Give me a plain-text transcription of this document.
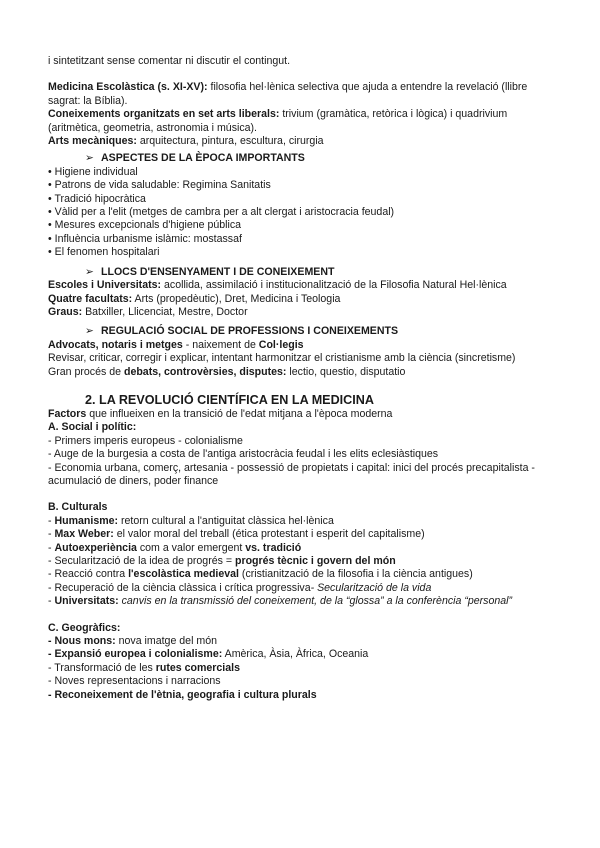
i sintetitzant sense comentar ni discutir el contingut.

Medicina Escolàstica (s. XI-XV): filosofia hel·lènica selectiva que ajuda a entendre la revelació (llibre sagrat: la Bíblia).

Coneixements organitzats en set arts liberals: trivium (gramàtica, retòrica i lògica) i quadrivium (aritmètica, geometria, astronomia i música).

Arts mecàniques: arquitectura, pintura, escultura, cirurgia

➢ ASPECTES DE LA ÈPOCA IMPORTANTS

• Higiene individual

• Patrons de vida saludable: Regimina Sanitatis

• Tradició hipocràtica

• Vàlid per a l'elit (metges de cambra per a alt clergat i aristocracia feudal)

• Mesures excepcionals d'higiene pública

• Influència urbanisme islàmic: mostassaf

• El fenomen hospitalari

➢ LLOCS D'ENSENYAMENT I DE CONEIXEMENT

Escoles i Universitats: acollida, assimilació i institucionalització de la Filosofia Natural Hel·lènica

Quatre facultats: Arts (propedèutic), Dret, Medicina i Teologia

Graus: Batxiller, Llicenciat, Mestre, Doctor

➢ REGULACIÓ SOCIAL DE PROFESSIONS I CONEIXEMENTS

Advocats, notaris i metges - naixement de Col·legis

Revisar, criticar, corregir i explicar, intentant harmonitzar el cristianisme amb la ciència (sincretisme)

Gran procés de debats, controvèrsies, disputes: lectio, questio, disputatio

2. LA REVOLUCIÓ CIENTÍFICA EN LA MEDICINA

Factors que influeixen en la transició de l'edat mitjana a l'època moderna

A. Social i polític:

- Primers imperis europeus - colonialisme

- Auge de la burgesia a costa de l'antiga aristocràcia feudal i les elits eclesiàstiques

- Economia urbana, comerç, artesania - possessió de propietats i capital: inici del procés precapitalista - acumulació de diners, poder finance

B. Culturals

- Humanisme: retorn cultural a l'antiguitat clàssica hel·lènica

- Max Weber: el valor moral del treball (ética protestant i esperit del capitalisme)

- Autoexperiència com a valor emergent vs. tradició

- Secularització de la idea de progrés = progrés tècnic i govern del món

- Reacció contra l'escolàstica medieval (cristianització de la filosofia i la ciència antigues)

- Recuperació de la ciència clàssica i crítica progressiva- Secularització de la vida

- Universitats: canvis en la transmissió del coneixement, de la “glossa” a la conferència “personal”

C. Geogràfics:

- Nous mons: nova imatge del món

- Expansió europea i colonialisme: Amèrica, Àsia, Àfrica, Oceania

- Transformació de les rutes comercials

- Noves representacions i narracions

- Reconeixement de l'ètnia, geografia i cultura plurals
